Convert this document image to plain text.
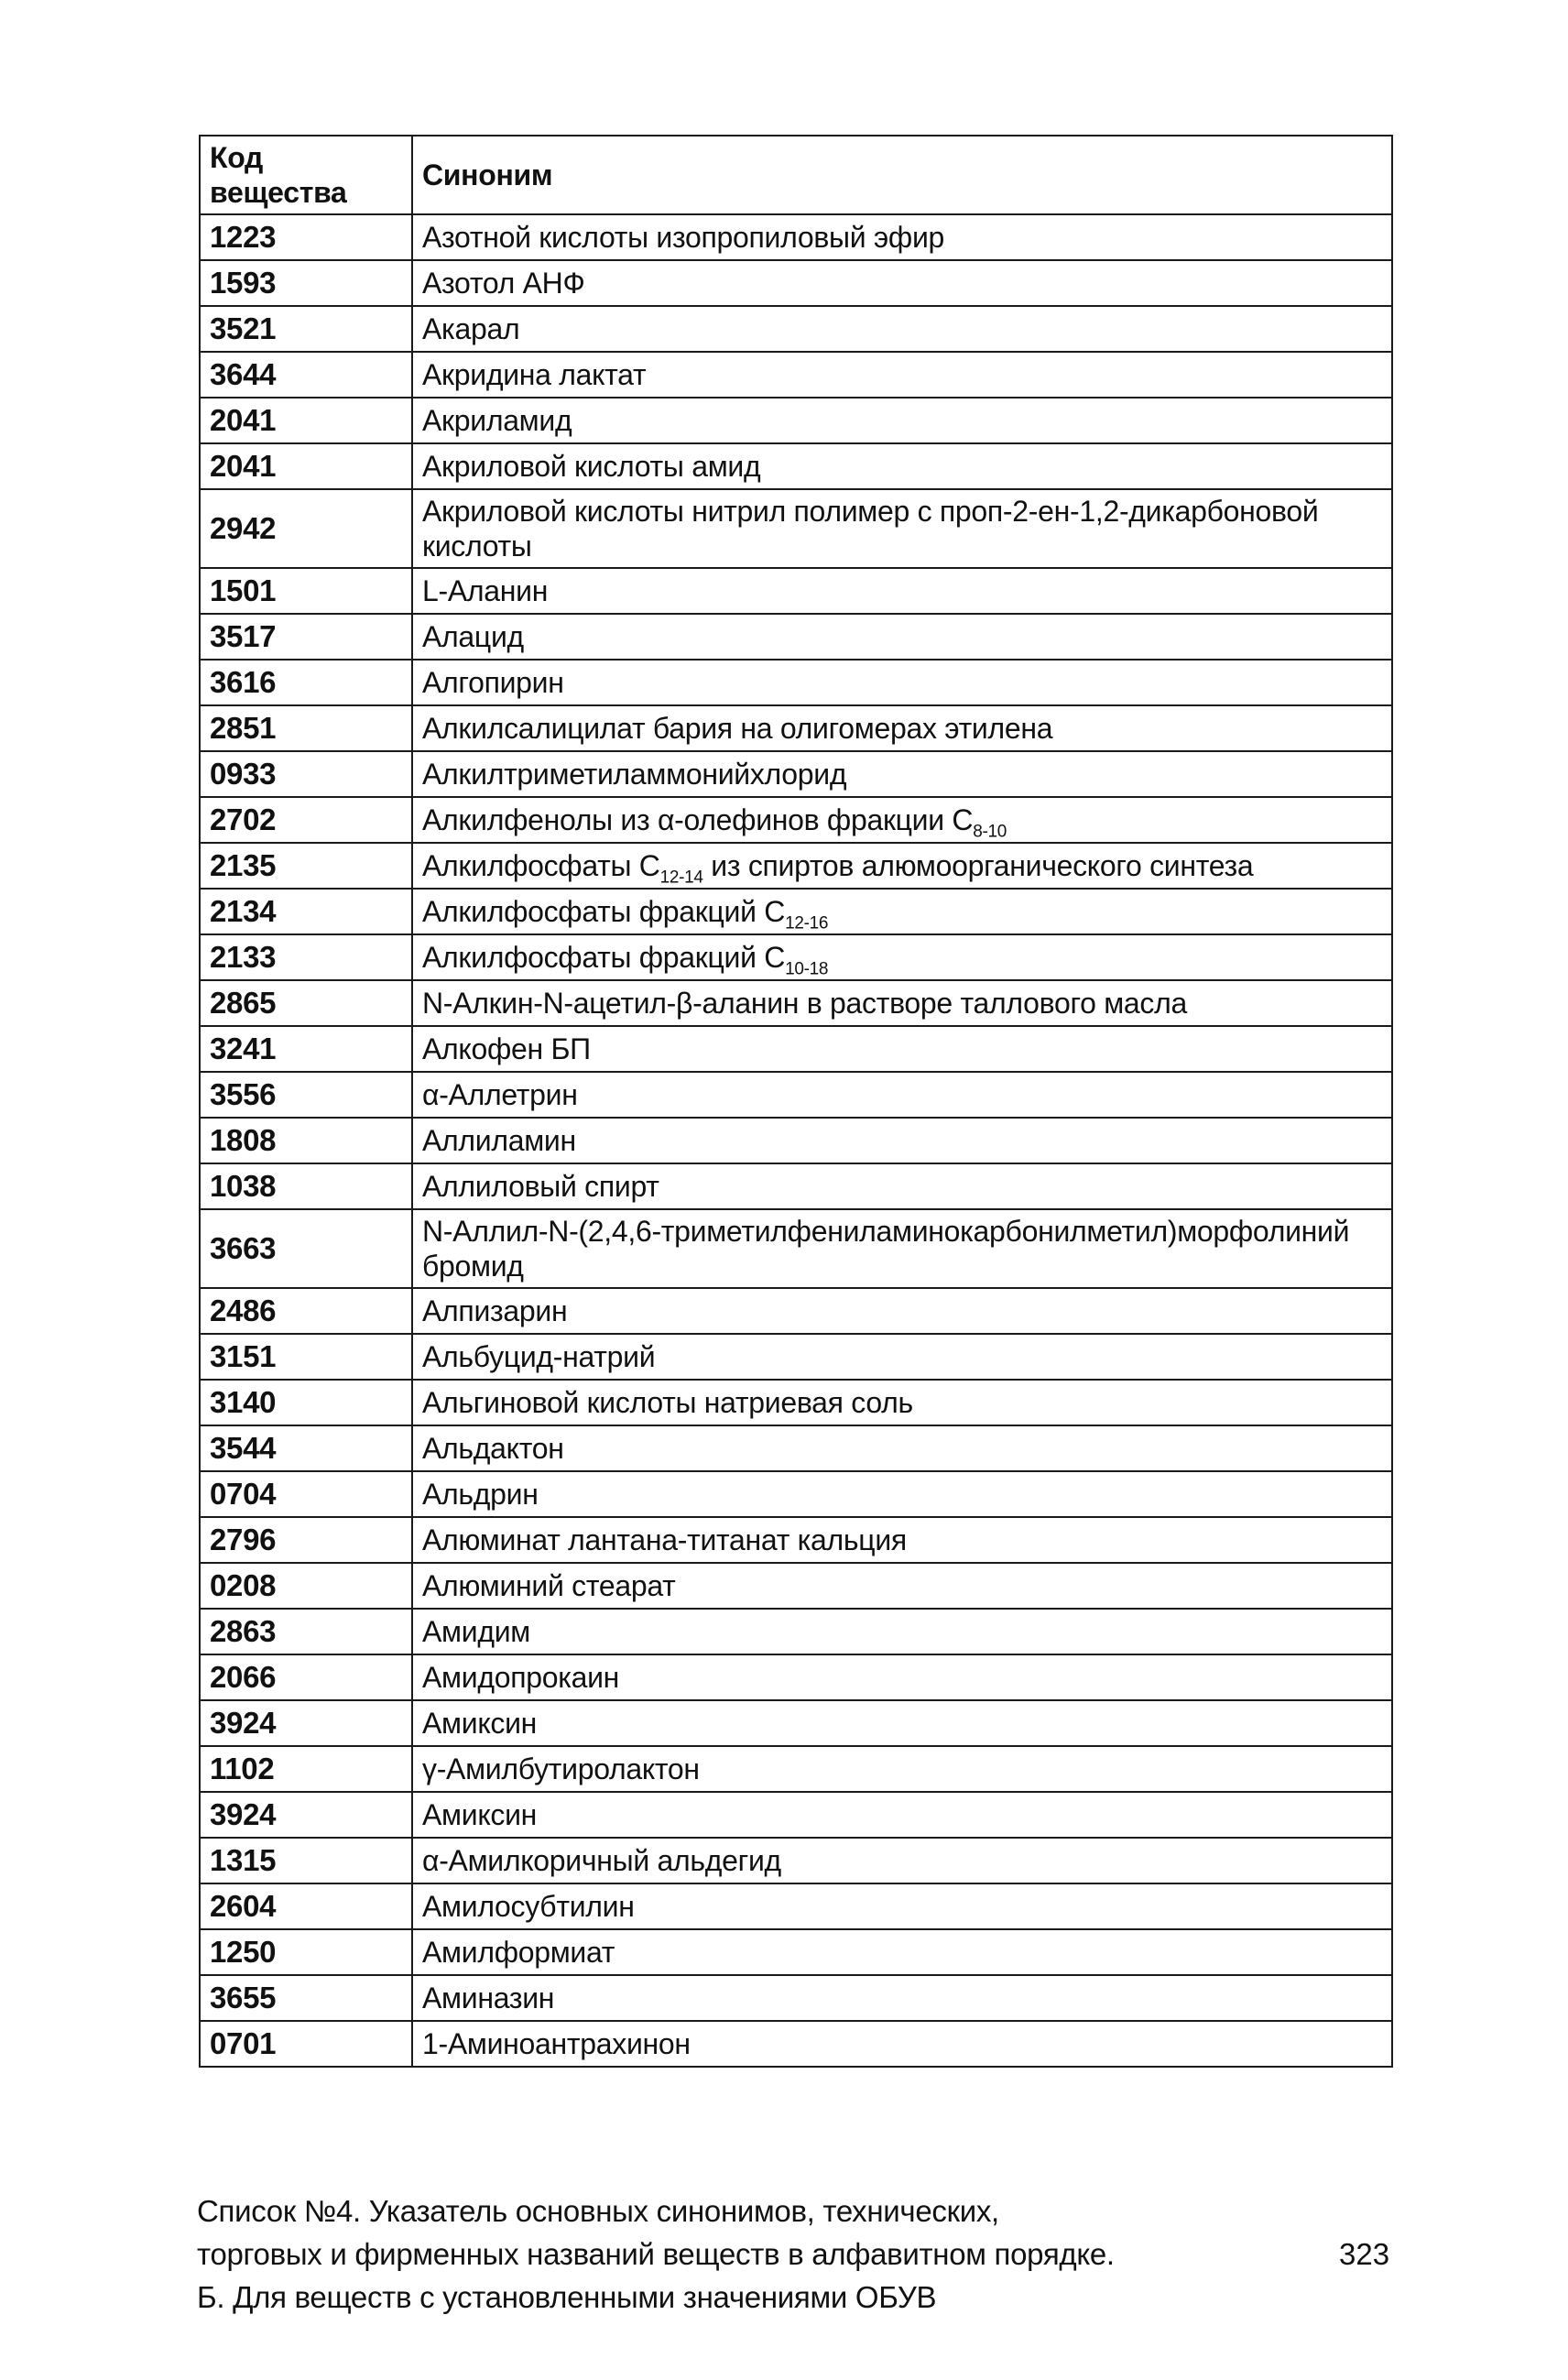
Код вещества	Синоним
1223	Азотной кислоты изопропиловый эфир
1593	Азотол АНФ
3521	Акарал
3644	Акридина лактат
2041	Акриламид
2041	Акриловой кислоты амид
2942	Акриловой кислоты нитрил полимер с проп-2-ен-1,2-дикарбоновой кислоты
1501	L-Аланин
3517	Алацид
3616	Алгопирин
2851	Алкилсалицилат бария на олигомерах этилена
0933	Алкилтриметиламмонийхлорид
2702	Алкилфенолы из α-олефинов фракции $С_{8-10}$
2135	Алкилфосфаты $С_{12-14}$ из спиртов алюмоорганического синтеза
2134	Алкилфосфаты фракций $С_{12-16}$
2133	Алкилфосфаты фракций $С_{10-18}$
2865	N-Алкин-N-ацетил-β-аланин в растворе таллового масла
3241	Алкофен БП
3556	α-Аллетрин
1808	Аллиламин
1038	Аллиловый спирт
3663	N-Аллил-N-(2,4,6-триметилфениламинокарбонилметил)морфолиний бромид
2486	Алпизарин
3151	Альбуцид-натрий
3140	Альгиновой кислоты натриевая соль
3544	Альдактон
0704	Альдрин
2796	Алюминат лантана-титанат кальция
0208	Алюминий стеарат
2863	Амидим
2066	Амидопрокаин
3924	Амиксин
1102	γ-Амилбутиролактон
3924	Амиксин
1315	α-Амилкоричный альдегид
2604	Амилосубтилин
1250	Амилформиат
3655	Аминазин
0701	1-Аминоантрахинон
Список №4. Указатель основных синонимов, технических,
торговых и фирменных названий веществ в алфавитном порядке.
Б. Для веществ с установленными значениями ОБУВ
323
